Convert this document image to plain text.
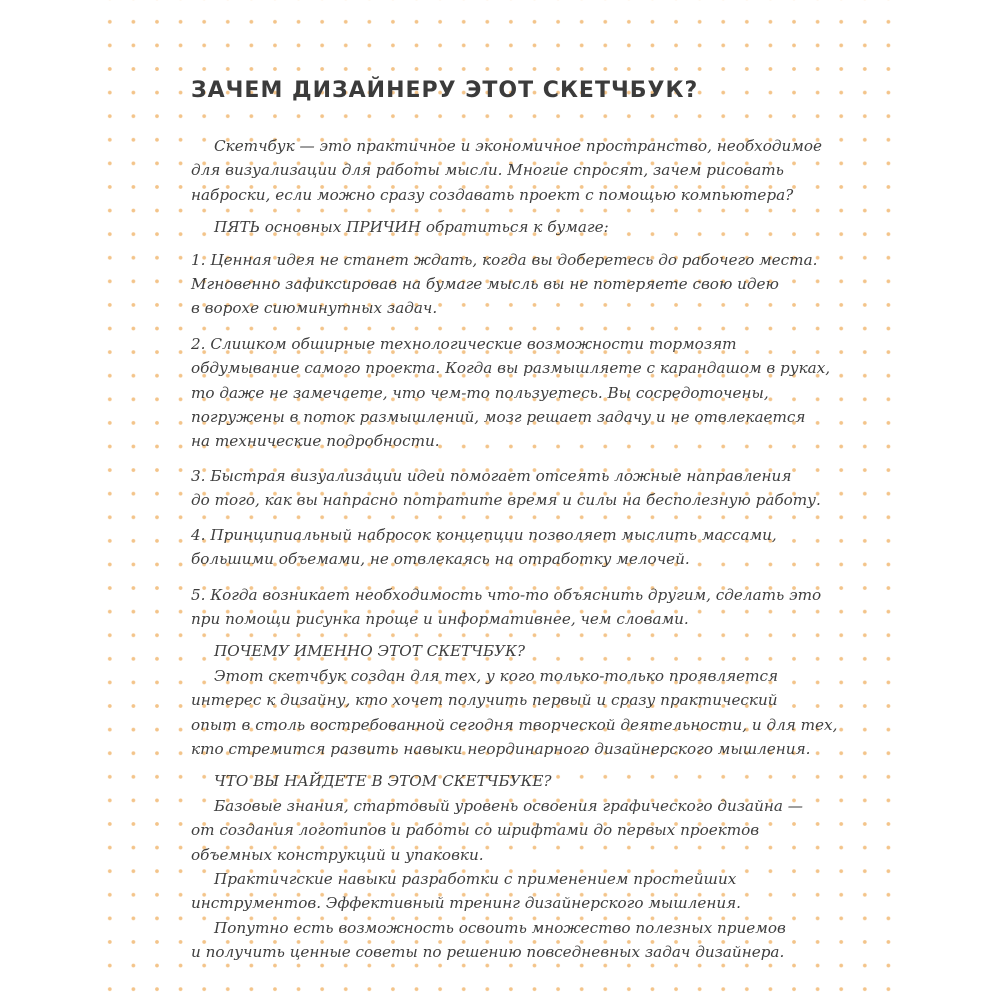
ЗАЧЕМ ДИЗАЙНЕРУ ЭТОТ СКЕТЧБУК?
Скетчбук — это практичное и экономичное пространство, необходимое
для визуализации для работы мысли. Многие спросят, зачем рисовать
наброски, если можно сразу создавать проект с помощью компьютера?
ПЯТЬ основных ПРИЧИН обратиться к бумаге:
1. Ценная идея не станет ждать, когда вы доберетесь до рабочего места.
Мгновенно зафиксировав на бумаге мысль вы не потеряете свою идею
в ворохе сиюминутных задач.
2. Слишком обширные технологические возможности тормозят
обдумывание самого проекта. Когда вы размышляете с карандашом в руках,
то даже не замечаете, что чем-то пользуетесь. Вы сосредоточены,
погружены в поток размышлений, мозг решает задачу и не отвлекается
на технические подробности.
3. Быстрая визуализации идеи помогает отсеять ложные направления
до того, как вы напрасно потратите время и силы на бесполезную работу.
4. Принципиальный набросок концепции позволяет мыслить массами,
большими объемами, не отвлекаясь на отработку мелочей.
5. Когда возникает необходимость что-то объяснить другим, сделать это
при помощи рисунка проще и информативнее, чем словами.
ПОЧЕМУ ИМЕННО ЭТОТ СКЕТЧБУК?
Этот скетчбук создан для тех, у кого только-только проявляется
интерес к дизайну, кто хочет получить первый и сразу практический
опыт в столь востребованной сегодня творческой деятельности, и для тех,
кто стремится развить навыки неординарного дизайнерского мышления.
ЧТО ВЫ НАЙДЕТЕ В ЭТОМ СКЕТЧБУКЕ?
Базовые знания, стартовый уровень освоения графического дизайна —
от создания логотипов и работы со шрифтами до первых проектов
объемных конструкций и упаковки.
Практичгские навыки разработки с применением простейших
инструментов. Эффективный тренинг дизайнерского мышления.
Попутно есть возможность освоить множество полезных приемов
и получить ценные советы по решению повседневных задач дизайнера.
